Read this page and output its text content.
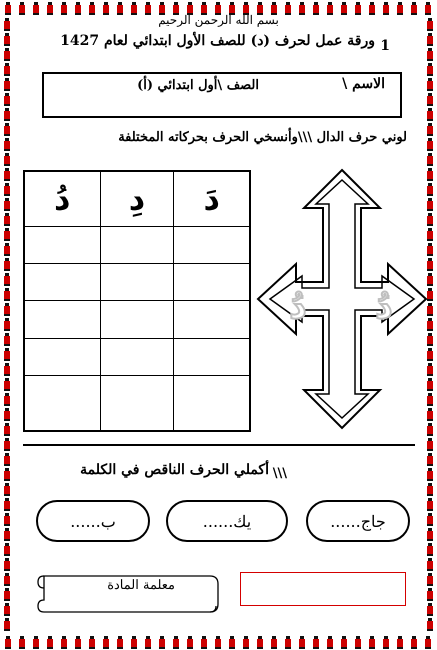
بسم الله الرحمن الرحيم
ورقة عمل لحرف (د) للصف الأول ابتدائي لعام 1427 1
الاسم \
الصف \أول ابتدائي (أ)
لوني حرف الدال \\\وأنسخي الحرف بحركاته المختلفة
دُ	دِ	دَ

دُ
دُ
أكملي الحرف الناقص في الكلمة \\\
......جاج
......يك
......ب
معلمة المادة
